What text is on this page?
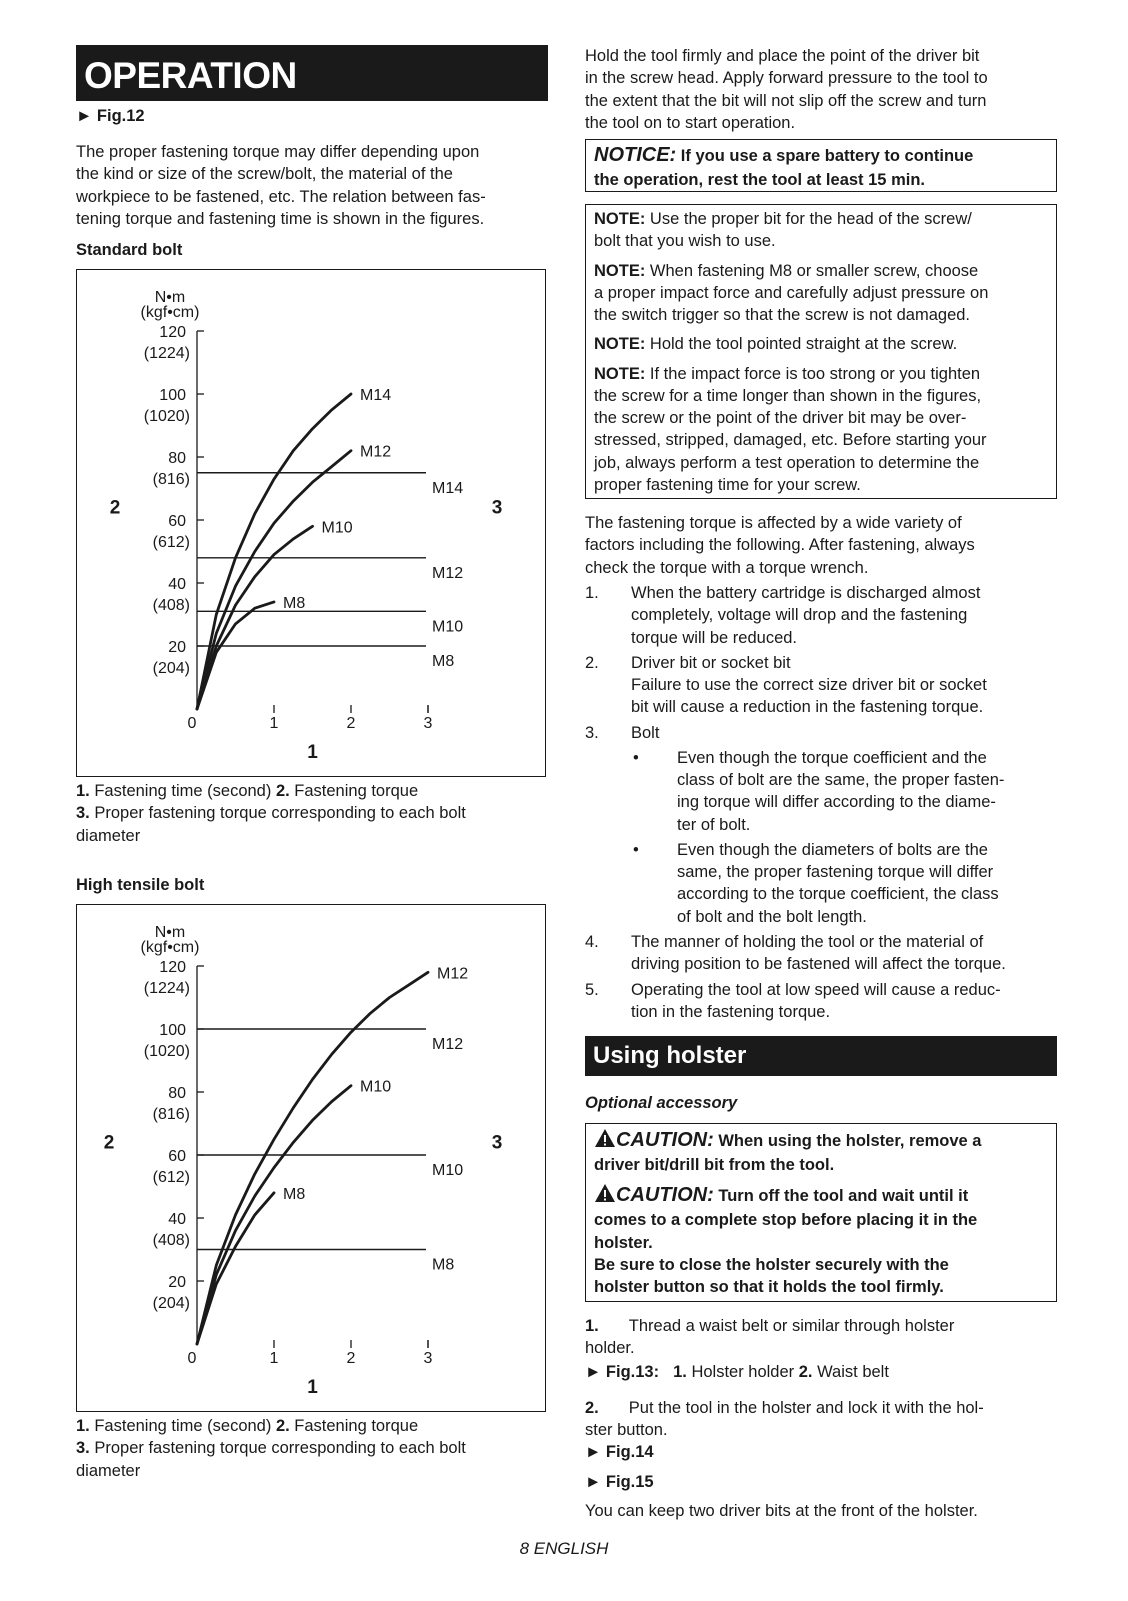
OPERATION
► Fig.12
The proper fastening torque may differ depending upon
the kind or size of the screw/bolt, the material of the
workpiece to be fastened, etc. The relation between fas-
tening torque and fastening time is shown in the figures.
Standard bolt
N•m
(kgf•cm)
120
(1224)
100
(1020)
80
(816)
60
(612)
40
(408)
20
(204)
0	1	2	3
1
2	3
M14
M12
M10
M8
M14
M12
M10
M8
1. Fastening time (second) 2. Fastening torque
3. Proper fastening torque corresponding to each bolt
diameter
High tensile bolt
N•m
(kgf•cm)
120
(1224)
100
(1020)
80
(816)
60
(612)
40
(408)
20
(204)
0	1	2	3
1
2	3
M12
M10
M8
M12
M10
M8
1. Fastening time (second) 2. Fastening torque
3. Proper fastening torque corresponding to each bolt
diameter
Hold the tool firmly and place the point of the driver bit
in the screw head. Apply forward pressure to the tool to
the extent that the bit will not slip off the screw and turn
the tool on to start operation.
NOTICE: If you use a spare battery to continue
the operation, rest the tool at least 15 min.
NOTE: Use the proper bit for the head of the screw/
bolt that you wish to use.
NOTE: When fastening M8 or smaller screw, choose
a proper impact force and carefully adjust pressure on
the switch trigger so that the screw is not damaged.
NOTE: Hold the tool pointed straight at the screw.
NOTE: If the impact force is too strong or you tighten
the screw for a time longer than shown in the figures,
the screw or the point of the driver bit may be over-
stressed, stripped, damaged, etc. Before starting your
job, always perform a test operation to determine the
proper fastening time for your screw.
The fastening torque is affected by a wide variety of
factors including the following. After fastening, always
check the torque with a torque wrench.
1. When the battery cartridge is discharged almost
completely, voltage will drop and the fastening
torque will be reduced.
2. Driver bit or socket bit
Failure to use the correct size driver bit or socket
bit will cause a reduction in the fastening torque.
3. Bolt
• Even though the torque coefficient and the
class of bolt are the same, the proper fasten-
ing torque will differ according to the diame-
ter of bolt.
• Even though the diameters of bolts are the
same, the proper fastening torque will differ
according to the torque coefficient, the class
of bolt and the bolt length.
4. The manner of holding the tool or the material of
driving position to be fastened will affect the torque.
5. Operating the tool at low speed will cause a reduc-
tion in the fastening torque.
Using holster
Optional accessory
CAUTION: When using the holster, remove a
driver bit/drill bit from the tool.
CAUTION: Turn off the tool and wait until it
comes to a complete stop before placing it in the
holster.
Be sure to close the holster securely with the
holster button so that it holds the tool firmly.
1. Thread a waist belt or similar through holster
holder.
► Fig.13: 1. Holster holder 2. Waist belt
2. Put the tool in the holster and lock it with the hol-
ster button.
► Fig.14
► Fig.15
You can keep two driver bits at the front of the holster.
8 ENGLISH
